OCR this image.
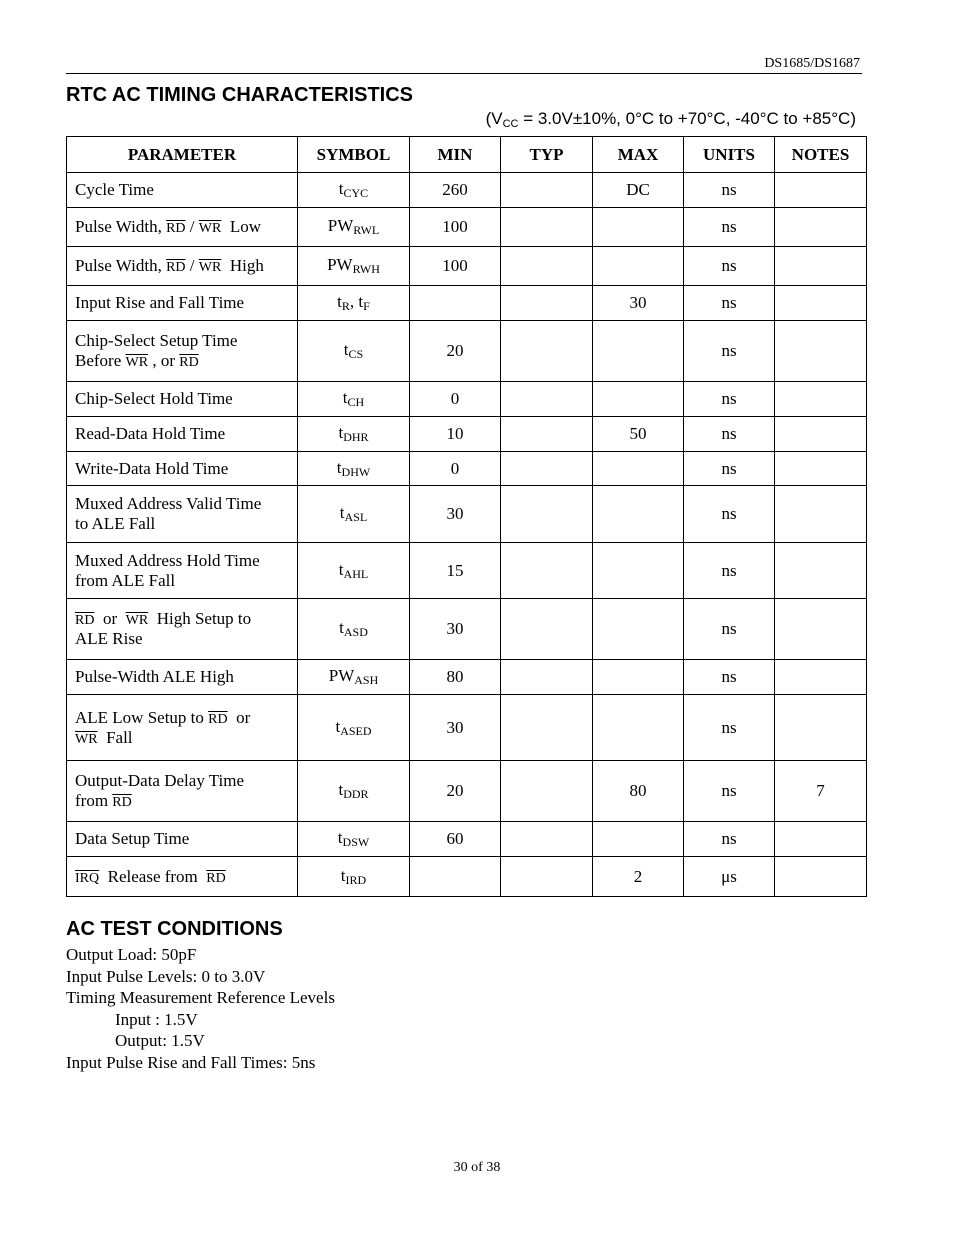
DS1685/DS1687
RTC AC TIMING CHARACTERISTICS
($V_{CC} = 3.0V\pm 10\%$, 0°C to +70°C, -40°C to +85°C)
PARAMETER	SYMBOL	MIN	TYP	MAX	UNITS	NOTES
Cycle Time	$t_{CYC}$	260		DC	ns	
Pulse Width, $\overline{RD} / \overline{WR}$  Low	$PW_{RWL}$	100			ns	
Pulse Width, $\overline{RD} / \overline{WR}$  High	$PW_{RWH}$	100			ns	
Input Rise and Fall Time	$t_R$, $t_F$			30	ns	

Chip-Select Setup Time
Before $\overline{WR}$ , or $\overline{RD}$	$t_{CS}$	20			ns	
Chip-Select Hold Time	$t_{CH}$	0			ns	
Read-Data Hold Time	$t_{DHR}$	10		50	ns	
Write-Data Hold Time	$t_{DHW}$	0			ns	

Muxed Address Valid Time
to ALE Fall	$t_{ASL}$	30			ns	

Muxed Address Hold Time
from ALE Fall	$t_{AHL}$	15			ns	

$\overline{RD}$  or  $\overline{WR}$  High Setup to
ALE Rise	$t_{ASD}$	30			ns	
Pulse-Width ALE High	$PW_{ASH}$	80			ns	

ALE Low Setup to $\overline{RD}$  or
$\overline{WR}$  Fall	$t_{ASED}$	30			ns	

Output-Data Delay Time
from $\overline{RD}$	$t_{DDR}$	20		80	ns	7
Data Setup Time	$t_{DSW}$	60			ns	
$\overline{IRQ}$  Release from  $\overline{RD}$	$t_{IRD}$			2	μs	
AC TEST CONDITIONS
Output Load: 50pF
Input Pulse Levels: 0 to 3.0V
Timing Measurement Reference Levels
Input : 1.5V
Output: 1.5V
Input Pulse Rise and Fall Times: 5ns
30 of 38
